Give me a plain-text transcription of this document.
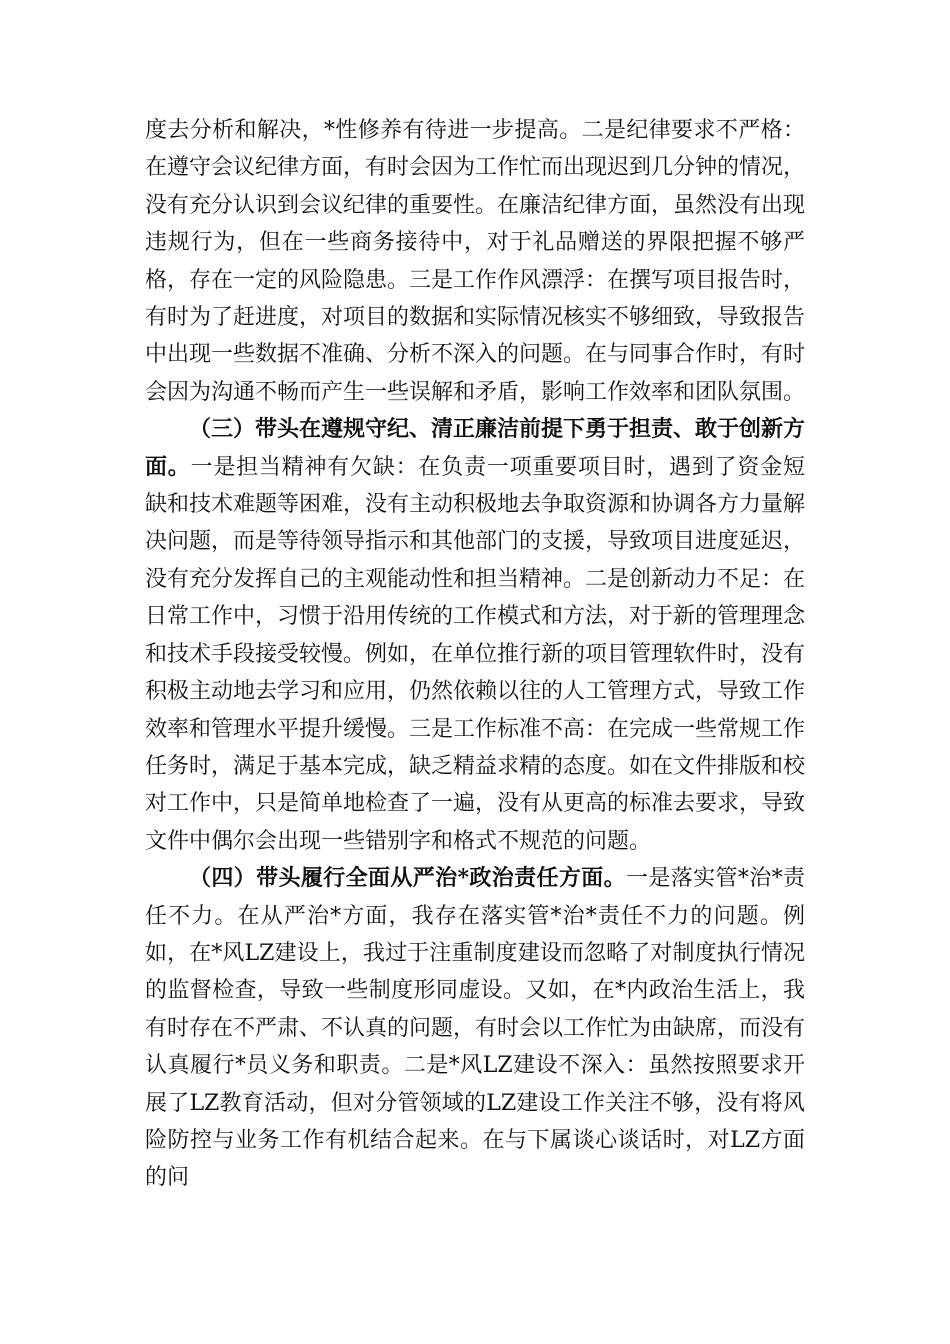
度去分析和解决，*性修养有待进一步提高。二是纪律要求不严格：在遵守会议纪律方面，有时会因为工作忙而出现迟到几分钟的情况，没有充分认识到会议纪律的重要性。在廉洁纪律方面，虽然没有出现违规行为，但在一些商务接待中，对于礼品赠送的界限把握不够严格，存在一定的风险隐患。三是工作作风漂浮：在撰写项目报告时，有时为了赶进度，对项目的数据和实际情况核实不够细致，导致报告中出现一些数据不准确、分析不深入的问题。在与同事合作时，有时会因为沟通不畅而产生一些误解和矛盾，影响工作效率和团队氛围。

（三）带头在遵规守纪、清正廉洁前提下勇于担责、敢于创新方面。一是担当精神有欠缺：在负责一项重要项目时，遇到了资金短缺和技术难题等困难，没有主动积极地去争取资源和协调各方力量解决问题，而是等待领导指示和其他部门的支援，导致项目进度延迟，没有充分发挥自己的主观能动性和担当精神。二是创新动力不足：在日常工作中，习惯于沿用传统的工作模式和方法，对于新的管理理念和技术手段接受较慢。例如，在单位推行新的项目管理软件时，没有积极主动地去学习和应用，仍然依赖以往的人工管理方式，导致工作效率和管理水平提升缓慢。三是工作标准不高：在完成一些常规工作任务时，满足于基本完成，缺乏精益求精的态度。如在文件排版和校对工作中，只是简单地检查了一遍，没有从更高的标准去要求，导致文件中偶尔会出现一些错别字和格式不规范的问题。

（四）带头履行全面从严治*政治责任方面。一是落实管*治*责任不力。在从严治*方面，我存在落实管*治*责任不力的问题。例如，在*风LZ建设上，我过于注重制度建设而忽略了对制度执行情况的监督检查，导致一些制度形同虚设。又如，在*内政治生活上，我有时存在不严肃、不认真的问题，有时会以工作忙为由缺席，而没有认真履行*员义务和职责。二是*风LZ建设不深入：虽然按照要求开展了LZ教育活动，但对分管领域的LZ建设工作关注不够，没有将风险防控与业务工作有机结合起来。在与下属谈心谈话时，对LZ方面的问
